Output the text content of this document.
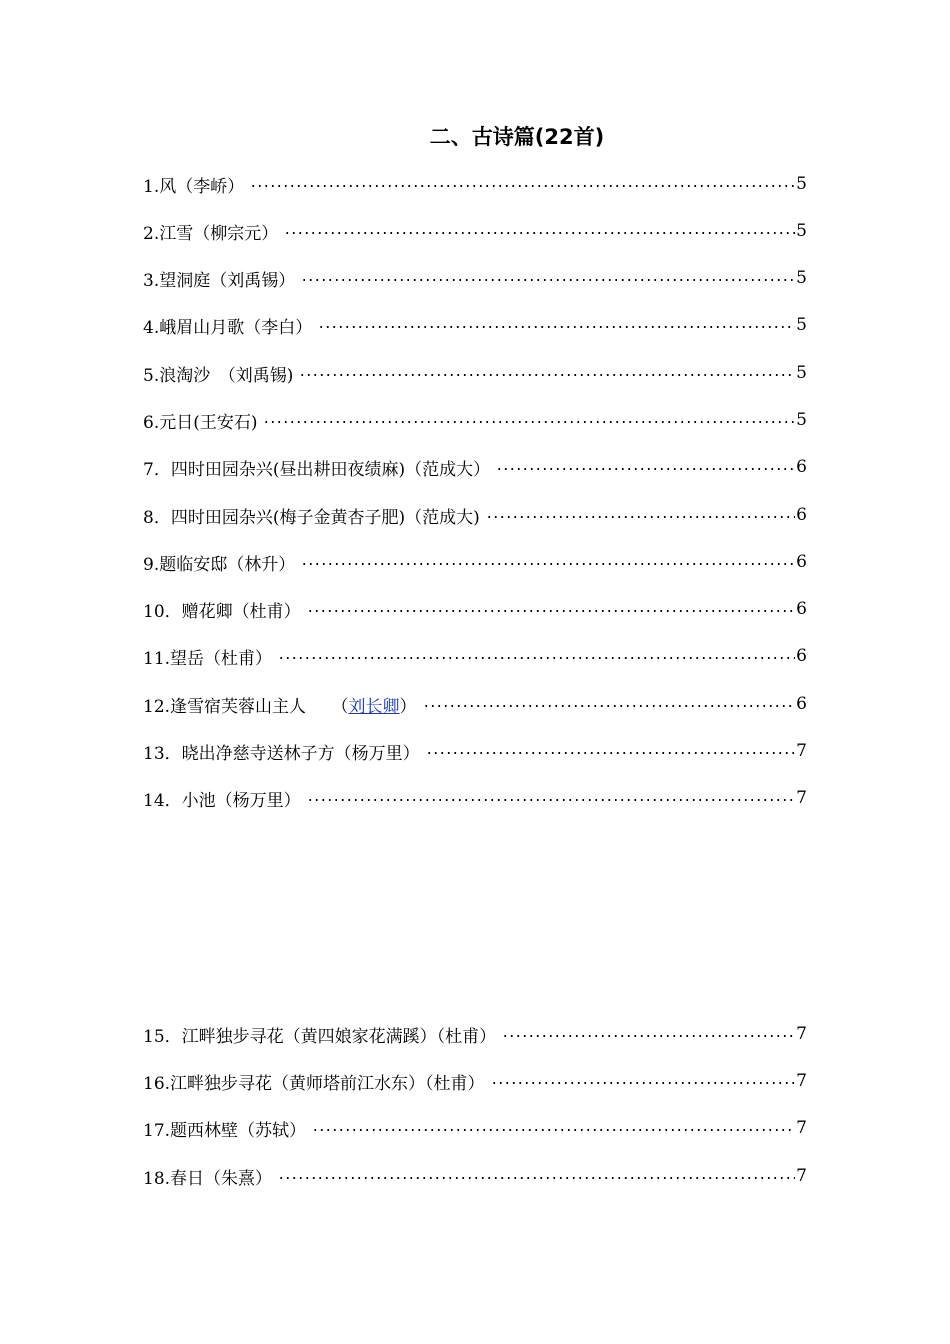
二、古诗篇(22首)
1.风（李峤）	5
2.江雪（柳宗元）	5
3.望洞庭（刘禹锡）	5
4.峨眉山月歌（李白）	5
5.浪淘沙　（刘禹锡)	5
6.元日(王安石)	5
7．四时田园杂兴(昼出耕田夜绩麻)（范成大）	6
8．四时田园杂兴(梅子金黄杏子肥)（范成大)	6
9.题临安邸（林升）	6
10．赠花卿（杜甫）	6
11.望岳（杜甫）	6
12.逢雪宿芙蓉山主人　　（刘长卿）	6
13．晓出净慈寺送林子方（杨万里）	7
14．小池（杨万里）	7
15．江畔独步寻花（黄四娘家花满蹊）（杜甫）	7
16.江畔独步寻花（黄师塔前江水东）（杜甫）	7
17.题西林壁（苏轼）	7
18.春日（朱熹）	7
